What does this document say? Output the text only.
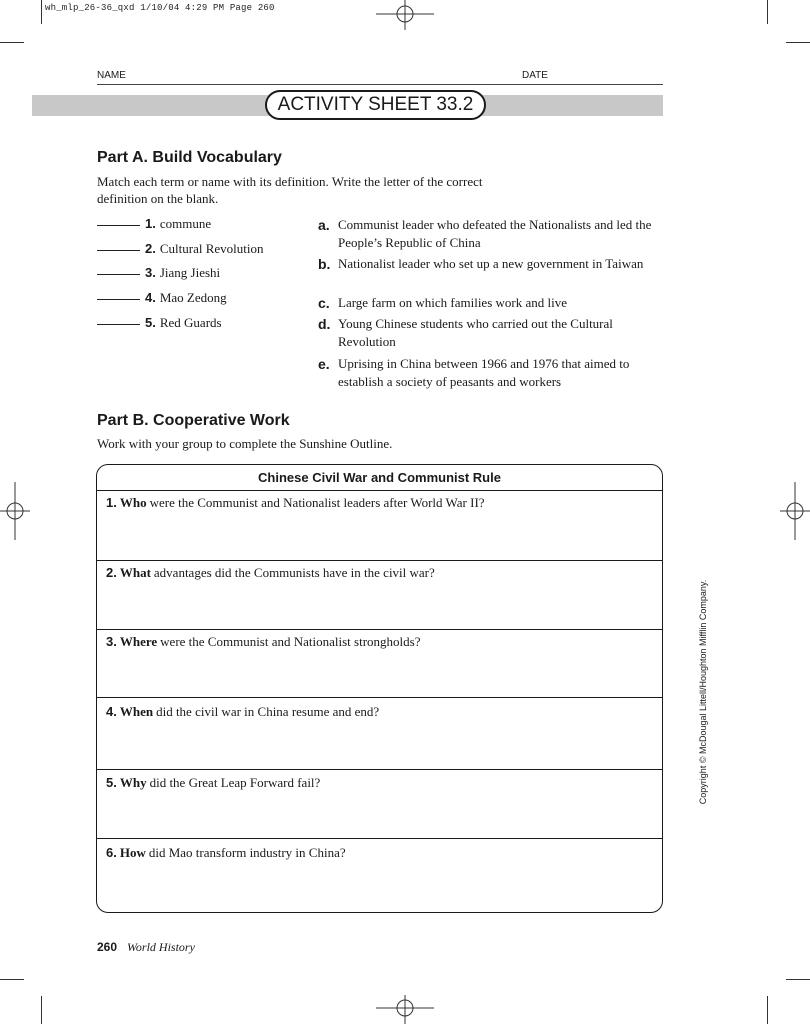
wh_mlp_26-36_qxd 1/10/04 4:29 PM Page 260
NAME	DATE
ACTIVITY SHEET 33.2
Part A. Build Vocabulary
Match each term or name with its definition. Write the letter of the correct definition on the blank.
1. commune
2. Cultural Revolution
3. Jiang Jieshi
4. Mao Zedong
5. Red Guards
a. Communist leader who defeated the Nationalists and led the People’s Republic of China
b. Nationalist leader who set up a new government in Taiwan
c. Large farm on which families work and live
d. Young Chinese students who carried out the Cultural Revolution
e. Uprising in China between 1966 and 1976 that aimed to establish a society of peasants and workers
Part B. Cooperative Work
Work with your group to complete the Sunshine Outline.
Chinese Civil War and Communist Rule
1. Who were the Communist and Nationalist leaders after World War II?
2. What advantages did the Communists have in the civil war?
3. Where were the Communist and Nationalist strongholds?
4. When did the civil war in China resume and end?
5. Why did the Great Leap Forward fail?
6. How did Mao transform industry in China?
Copyright © McDougal Littell/Houghton Mifflin Company.
260 World History
